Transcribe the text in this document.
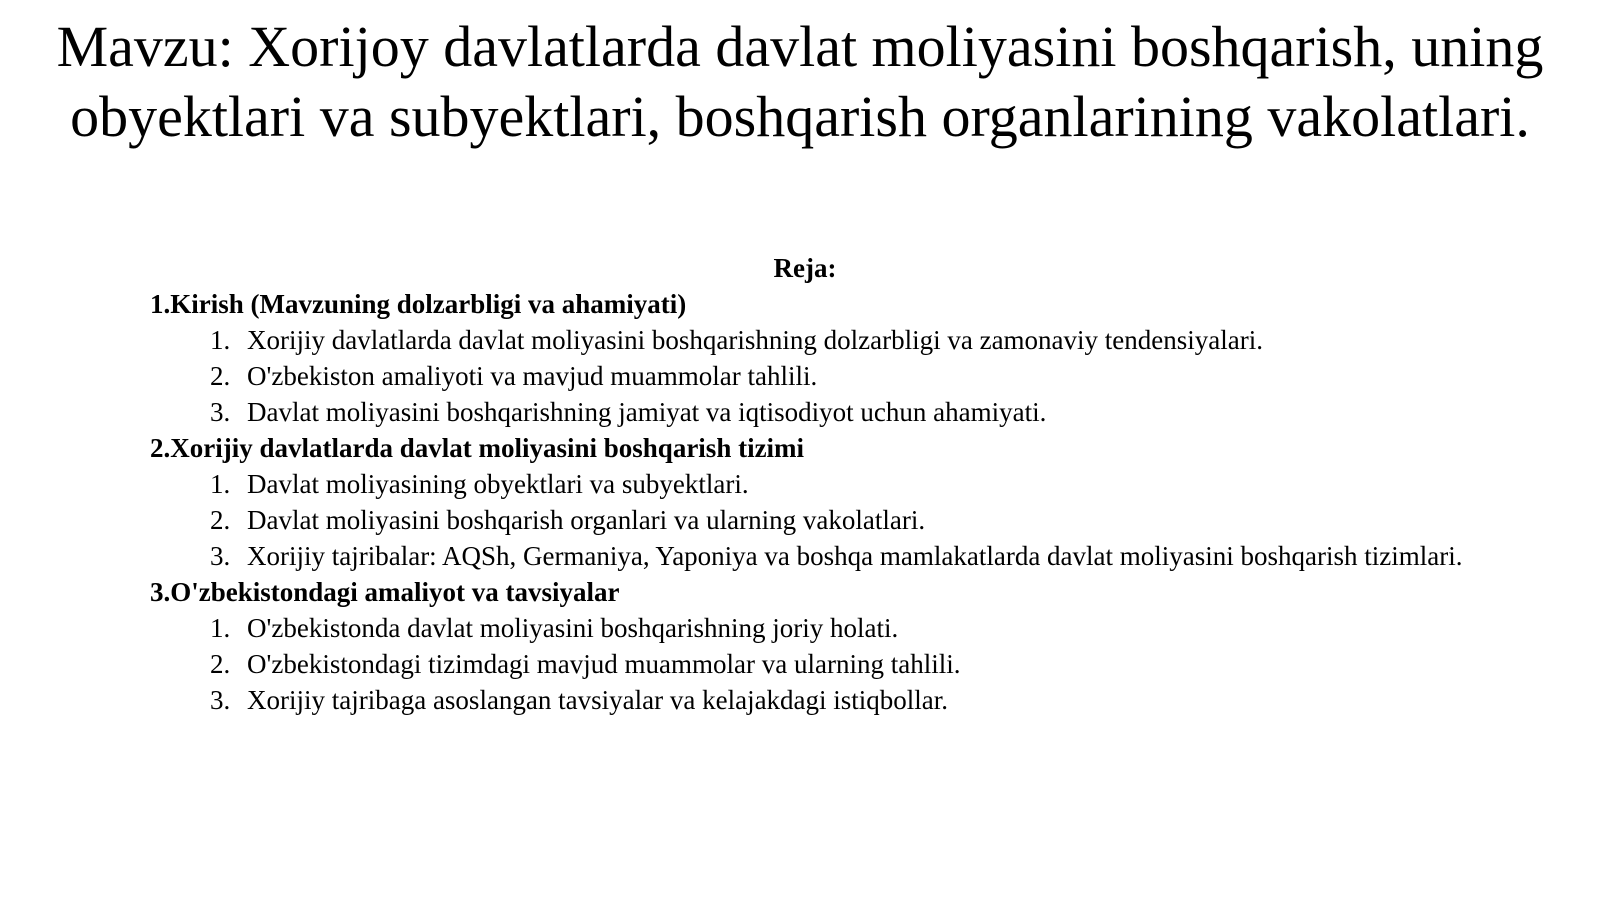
Mavzu: Xorijoy davlatlarda davlat moliyasini boshqarish, uning
obyektlari va subyektlari, boshqarish organlarining vakolatlari.
Reja:
1.Kirish (Mavzuning dolzarbligi va ahamiyati)
1. Xorijiy davlatlarda davlat moliyasini boshqarishning dolzarbligi va zamonaviy tendensiyalari.
2. O'zbekiston amaliyoti va mavjud muammolar tahlili.
3. Davlat moliyasini boshqarishning jamiyat va iqtisodiyot uchun ahamiyati.
2.Xorijiy davlatlarda davlat moliyasini boshqarish tizimi
1. Davlat moliyasining obyektlari va subyektlari.
2. Davlat moliyasini boshqarish organlari va ularning vakolatlari.
3. Xorijiy tajribalar: AQSh, Germaniya, Yaponiya va boshqa mamlakatlarda davlat moliyasini boshqarish tizimlari.
3.O'zbekistondagi amaliyot va tavsiyalar
1. O'zbekistonda davlat moliyasini boshqarishning joriy holati.
2. O'zbekistondagi tizimdagi mavjud muammolar va ularning tahlili.
3. Xorijiy tajribaga asoslangan tavsiyalar va kelajakdagi istiqbollar.
